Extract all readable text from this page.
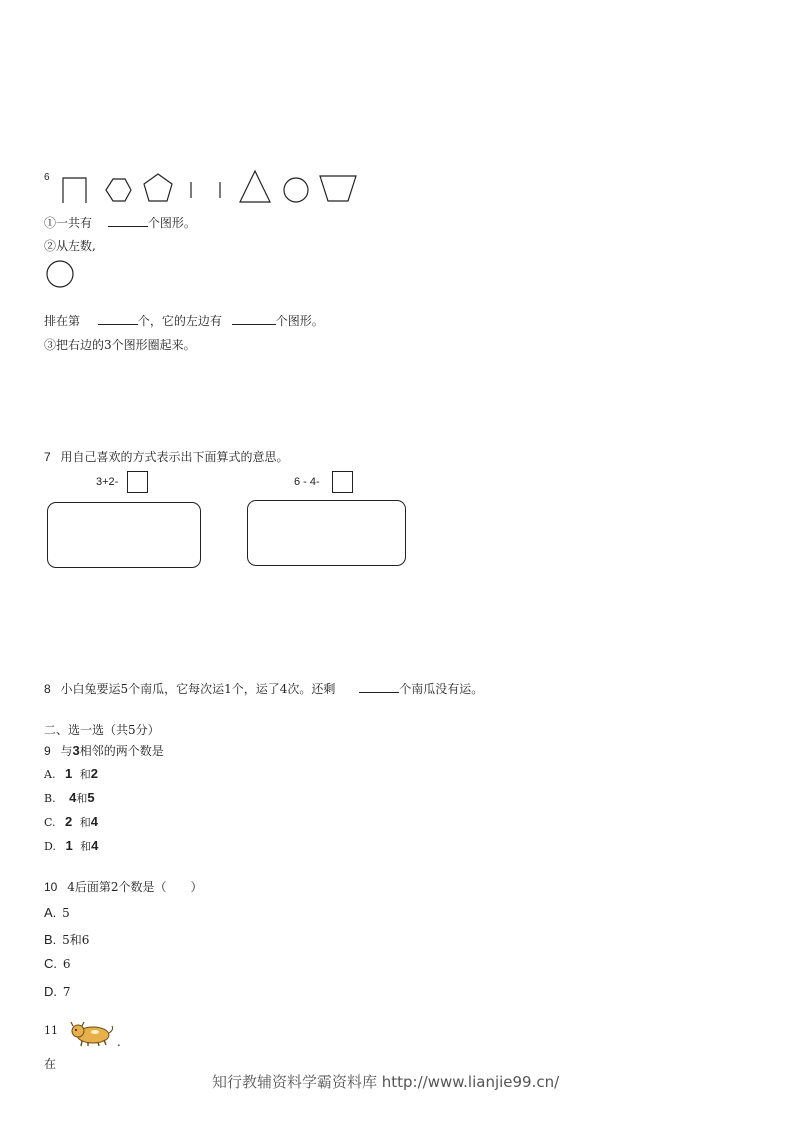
6
①一共有	个图形。
②从左数,
排在第	个，它的左边有	个图形。
③把右边的3个图形圈起来。
7 用自己喜欢的方式表示出下面算式的意思。
3+2-	6 - 4-
8 小白兔要运5个南瓜，它每次运1个，运了4次。还剩	个南瓜没有运。
二、选一选（共5分）
9 与3相邻的两个数是
A. 1 和2
B. 4和5
C. 2 和4
D. 1 和4
10 4后面第2个数是（　　）
A. 5
B. 5和6
C. 6
D. 7
11
.
在
知行教辅资料学霸资料库 http://www.lianjie99.cn/
